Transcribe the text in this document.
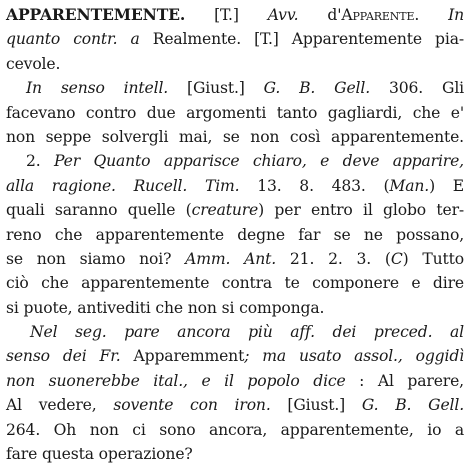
APPARENTEMENTE. [T.] Avv. d'Apparente. In
quanto contr. a Realmente. [T.] Apparentemente pia-
cevole.
In senso intell. [Giust.] G. B. Gell. 306. Gli
facevano contro due argomenti tanto gagliardi, che e'
non seppe solvergli mai, se non così apparentemente.
2. Per Quanto apparisce chiaro, e deve apparire,
alla ragione. Rucell. Tim. 13. 8. 483. (Man.) E
quali saranno quelle (creature) per entro il globo ter-
reno che apparentemente degne far se ne possano,
se non siamo noi? Amm. Ant. 21. 2. 3. (C) Tutto
ciò che apparentemente contra te componere e dire
si puote, antivediti che non si componga.
Nel seg. pare ancora più aff. dei preced. al
senso dei Fr. Apparemment; ma usato assol., oggidì
non suonerebbe ital., e il popolo dice : Al parere,
Al vedere, sovente con iron. [Giust.] G. B. Gell.
264. Oh non ci sono ancora, apparentemente, io a
fare questa operazione?
